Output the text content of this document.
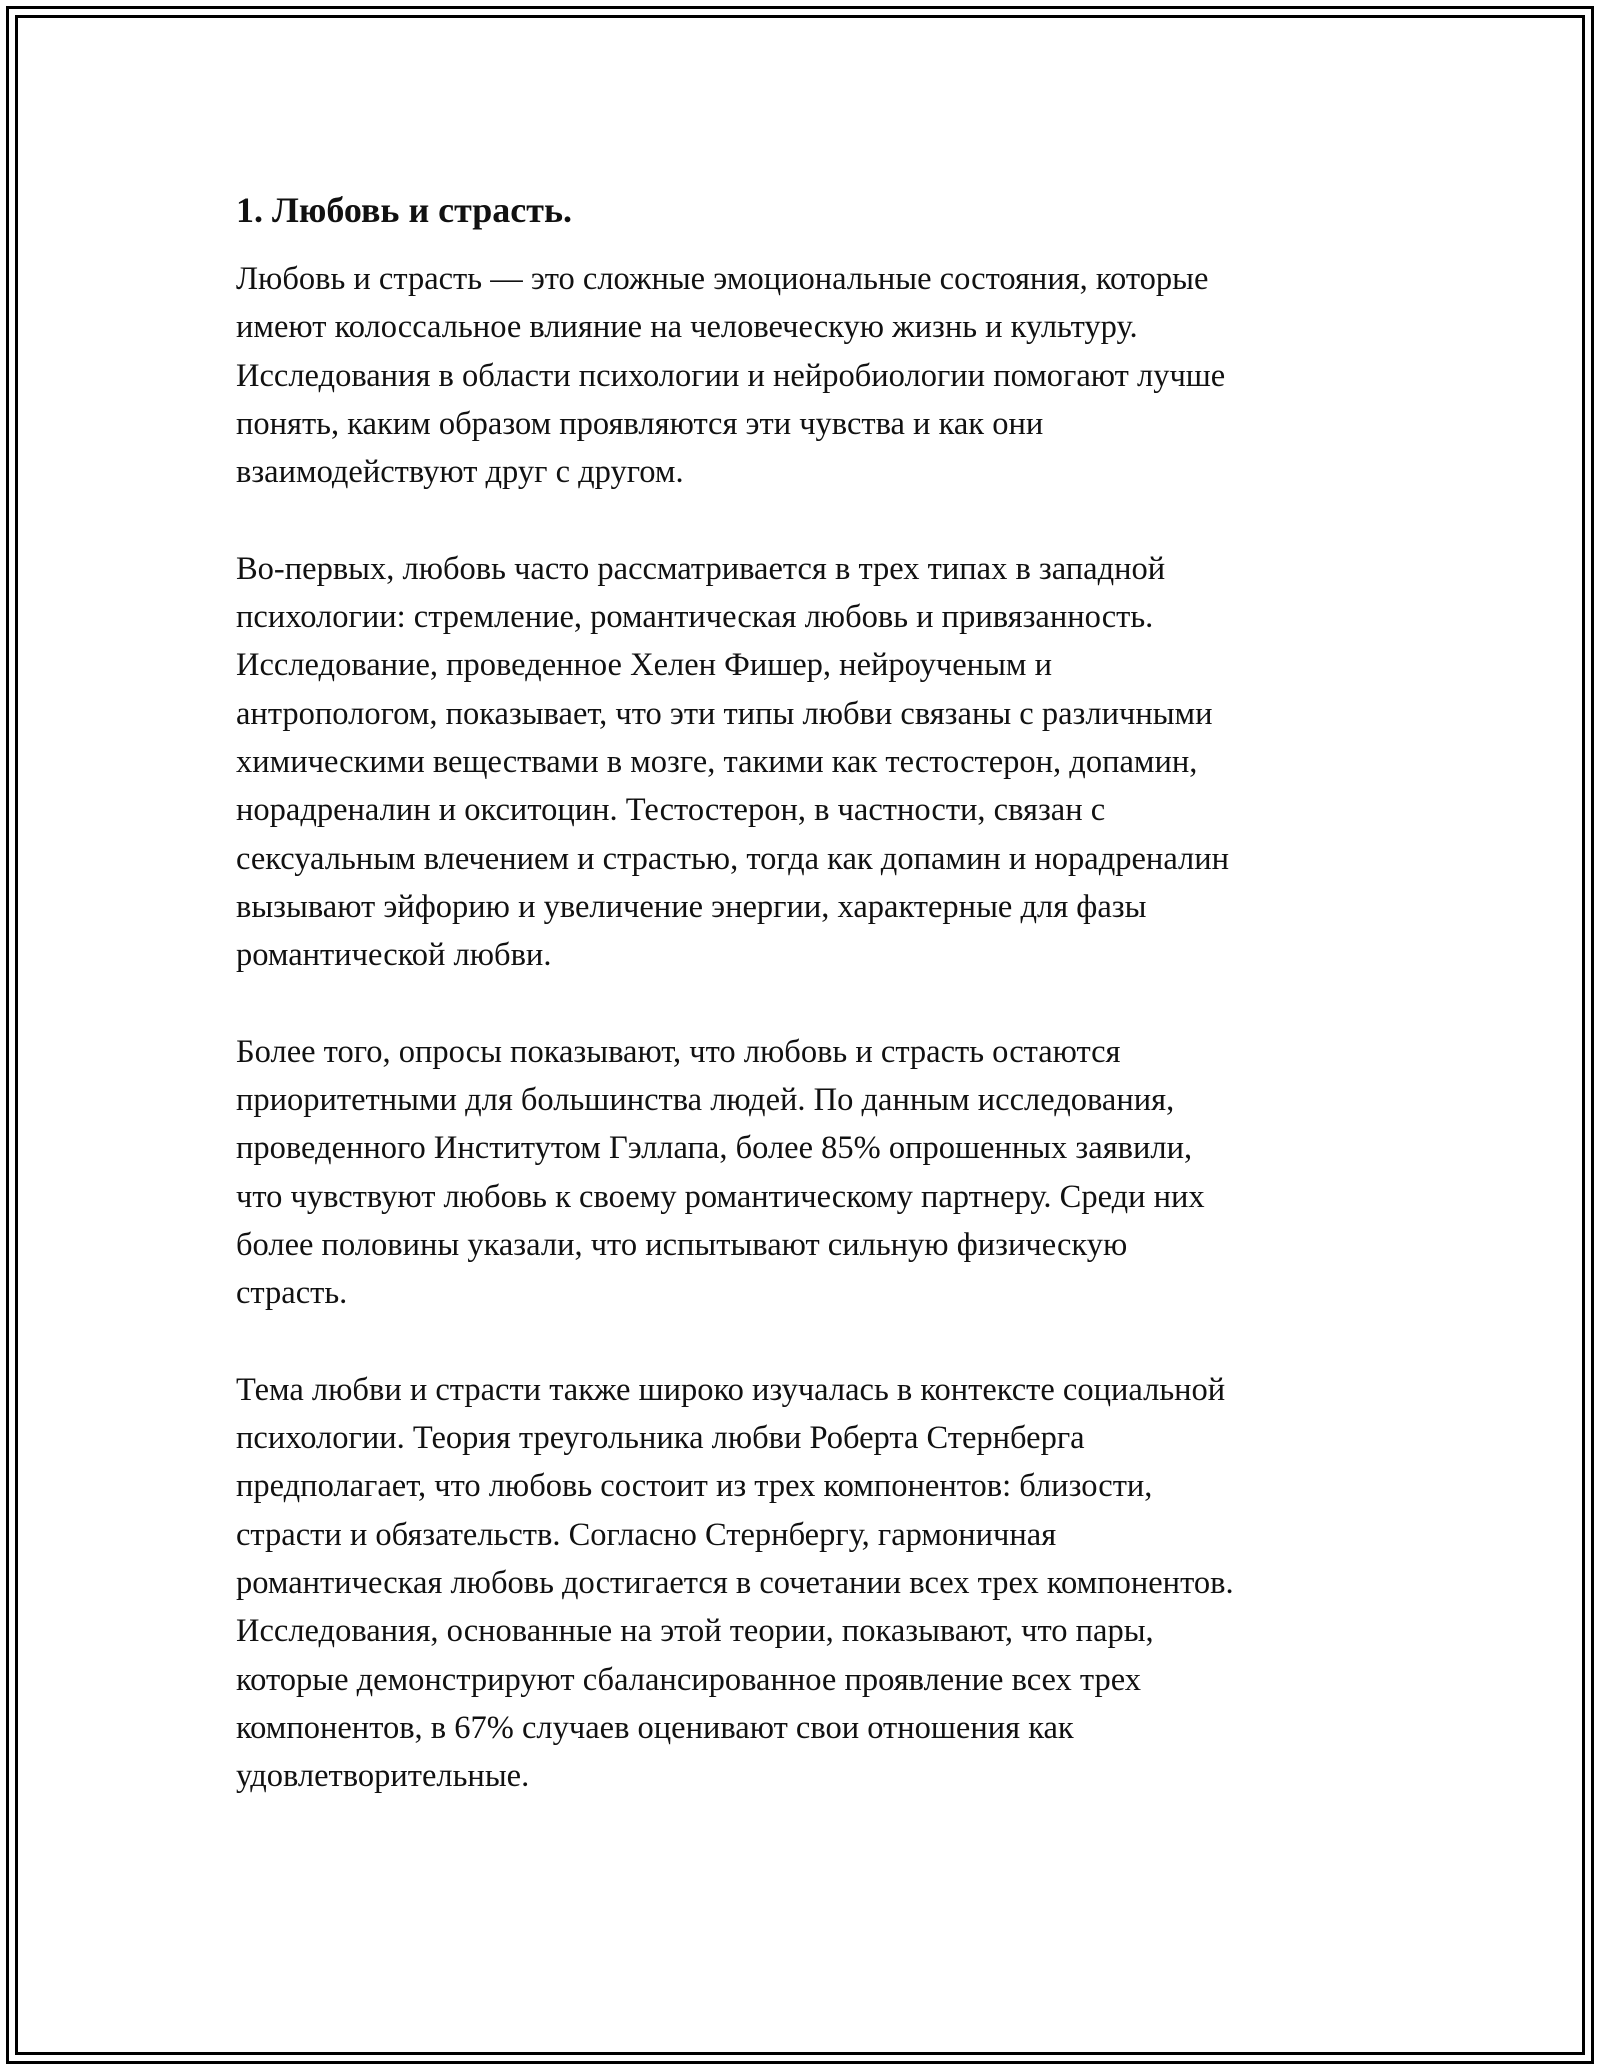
1. Любовь и страсть.
Любовь и страсть — это сложные эмоциональные состояния, которые
имеют колоссальное влияние на человеческую жизнь и культуру.
Исследования в области психологии и нейробиологии помогают лучше
понять, каким образом проявляются эти чувства и как они
взаимодействуют друг с другом.
Во-первых, любовь часто рассматривается в трех типах в западной
психологии: стремление, романтическая любовь и привязанность.
Исследование, проведенное Хелен Фишер, нейроученым и
антропологом, показывает, что эти типы любви связаны с различными
химическими веществами в мозге, такими как тестостерон, допамин,
норадреналин и окситоцин. Тестостерон, в частности, связан с
сексуальным влечением и страстью, тогда как допамин и норадреналин
вызывают эйфорию и увеличение энергии, характерные для фазы
романтической любви.
Более того, опросы показывают, что любовь и страсть остаются
приоритетными для большинства людей. По данным исследования,
проведенного Институтом Гэллапа, более 85% опрошенных заявили,
что чувствуют любовь к своему романтическому партнеру. Среди них
более половины указали, что испытывают сильную физическую
страсть.
Тема любви и страсти также широко изучалась в контексте социальной
психологии. Теория треугольника любви Роберта Стернберга
предполагает, что любовь состоит из трех компонентов: близости,
страсти и обязательств. Согласно Стернбергу, гармоничная
романтическая любовь достигается в сочетании всех трех компонентов.
Исследования, основанные на этой теории, показывают, что пары,
которые демонстрируют сбалансированное проявление всех трех
компонентов, в 67% случаев оценивают свои отношения как
удовлетворительные.
